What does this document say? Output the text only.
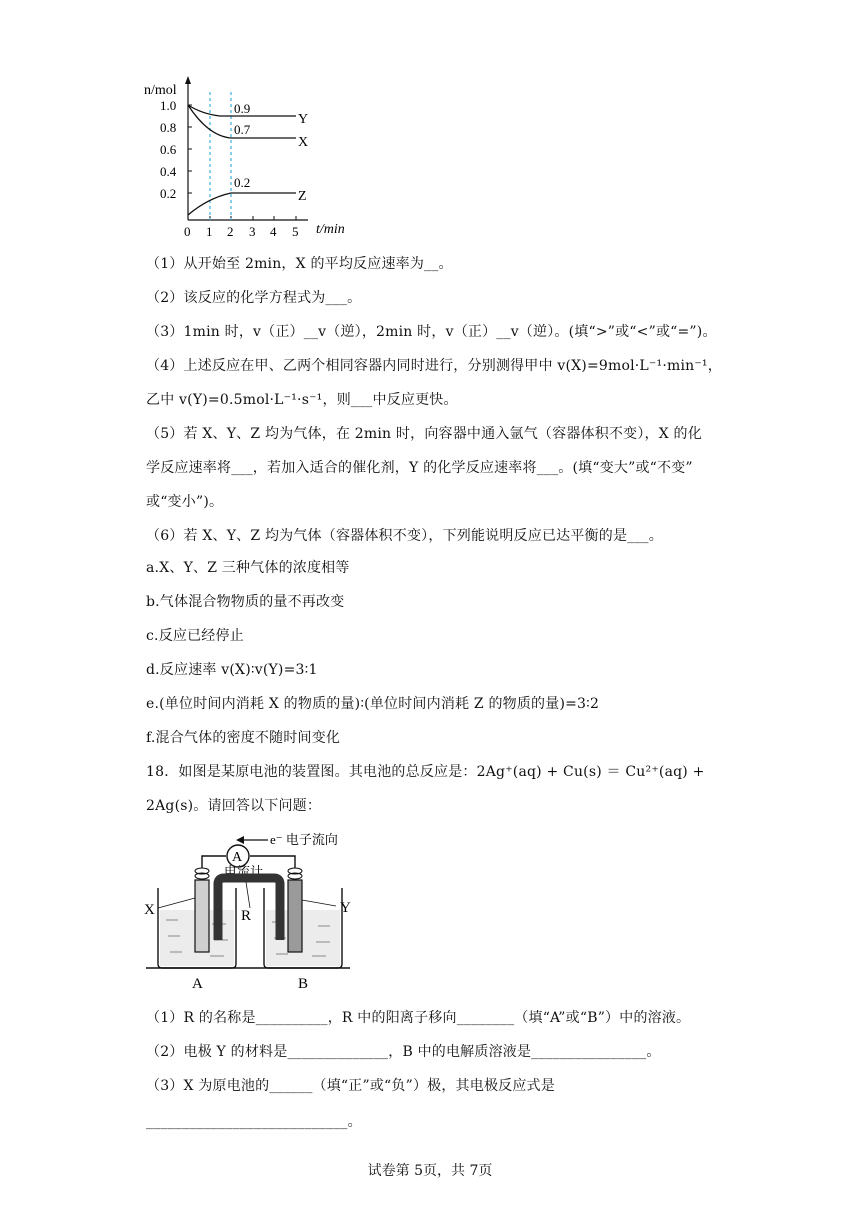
n/mol
t/min
1.0
0.8
0.6
0.4
0.2
0 1 2 3 4 5
0.9
0.7
0.2
Y
X
Z
（1）从开始至 2min，X 的平均反应速率为__。
（2）该反应的化学方程式为___。
（3）1min 时，v（正）__v（逆），2min 时，v（正）__v（逆）。(填“>”或“<”或“=”)。
（4）上述反应在甲、乙两个相同容器内同时进行，分别测得甲中 v(X)=9mol·L⁻¹·min⁻¹，
乙中 v(Y)=0.5mol·L⁻¹·s⁻¹，则___中反应更快。
（5）若 X、Y、Z 均为气体，在 2min 时，向容器中通入氩气（容器体积不变），X 的化
学反应速率将___，若加入适合的催化剂，Y 的化学反应速率将___。(填“变大”或“不变”
或“变小”)。
（6）若 X、Y、Z 均为气体（容器体积不变），下列能说明反应已达平衡的是___。
a.X、Y、Z 三种气体的浓度相等
b.气体混合物物质的量不再改变
c.反应已经停止
d.反应速率 v(X)∶v(Y)=3∶1
e.(单位时间内消耗 X 的物质的量)∶(单位时间内消耗 Z 的物质的量)=3∶2
f.混合气体的密度不随时间变化
18．如图是某原电池的装置图。其电池的总反应是：2Ag⁺(aq) + Cu(s) ＝ Cu²⁺(aq) +
2Ag(s)。请回答以下问题：
e⁻ 电子流向
A
电流计
X	Y
R
A	B
（1）R 的名称是__________，R 中的阳离子移向________（填“A”或“B”）中的溶液。
（2）电极 Y 的材料是______________，B 中的电解质溶液是________________。
（3）X 为原电池的______（填“正”或“负”）极，其电极反应式是
____________________________。
试卷第 5页，共 7页
